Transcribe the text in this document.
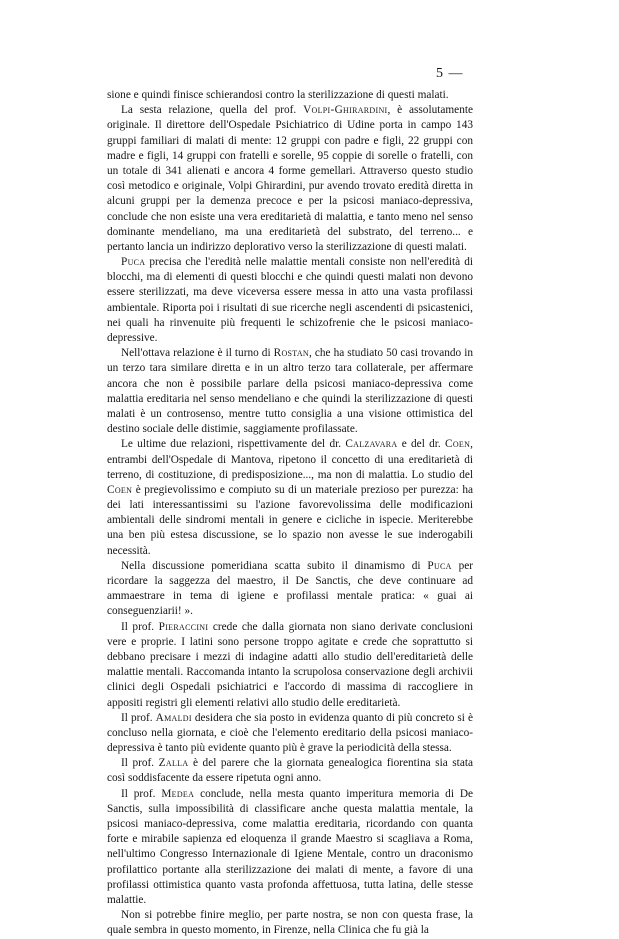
5 —

sione e quindi finisce schierandosi contro la sterilizzazione di questi malati.

La sesta relazione, quella del prof. Volpi-Ghirardini, è assolutamente originale. Il direttore dell'Ospedale Psichiatrico di Udine porta in campo 143 gruppi familiari di malati di mente: 12 gruppi con padre e figli, 22 gruppi con madre e figli, 14 gruppi con fratelli e sorelle, 95 coppie di sorelle o fratelli, con un totale di 341 alienati e ancora 4 forme gemellari. Attraverso questo studio così metodico e originale, Volpi Ghirardini, pur avendo trovato eredità diretta in alcuni gruppi per la demenza precoce e per la psicosi maniaco-depressiva, conclude che non esiste una vera ereditarietà di malattia, e tanto meno nel senso dominante mendeliano, ma una ereditarietà del substrato, del terreno... e pertanto lancia un indirizzo deplorativo verso la sterilizzazione di questi malati.

Puca precisa che l'eredità nelle malattie mentali consiste non nell'eredità di blocchi, ma di elementi di questi blocchi e che quindi questi malati non devono essere sterilizzati, ma deve viceversa essere messa in atto una vasta profilassi ambientale. Riporta poi i risultati di sue ricerche negli ascendenti di psicastenici, nei quali ha rinvenuite più frequenti le schizofrenie che le psicosi maniaco-depressive.

Nell'ottava relazione è il turno di Rostan, che ha studiato 50 casi trovando in un terzo tara similare diretta e in un altro terzo tara collaterale, per affermare ancora che non è possibile parlare della psicosi maniaco-depressiva come malattia ereditaria nel senso mendeliano e che quindi la sterilizzazione di questi malati è un controsenso, mentre tutto consiglia a una visione ottimistica del destino sociale delle distimie, saggiamente profilassate.

Le ultime due relazioni, rispettivamente del dr. Calzavara e del dr. Coen, entrambi dell'Ospedale di Mantova, ripetono il concetto di una ereditarietà di terreno, di costituzione, di predisposizione..., ma non di malattia. Lo studio del Coen è pregievolissimo e compiuto su di un materiale prezioso per purezza: ha dei lati interessantissimi su l'azione favorevolissima delle modificazioni ambientali delle sindromi mentali in genere e cicliche in ispecie. Meriterebbe una ben più estesa discussione, se lo spazio non avesse le sue inderogabili necessità.

Nella discussione pomeridiana scatta subito il dinamismo di Puca per ricordare la saggezza del maestro, il De Sanctis, che deve continuare ad ammaestrare in tema di igiene e profilassi mentale pratica: « guai ai conseguenziarii! ».

Il prof. Pieraccini crede che dalla giornata non siano derivate conclusioni vere e proprie. I latini sono persone troppo agitate e crede che soprattutto si debbano precisare i mezzi di indagine adatti allo studio dell'ereditarietà delle malattie mentali. Raccomanda intanto la scrupolosa conservazione degli archivii clinici degli Ospedali psichiatrici e l'accordo di massima di raccogliere in appositi registri gli elementi relativi allo studio delle ereditarietà.

Il prof. Amaldi desidera che sia posto in evidenza quanto di più concreto si è concluso nella giornata, e cioè che l'elemento ereditario della psicosi maniaco-depressiva è tanto più evidente quanto più è grave la periodicità della stessa.

Il prof. Zalla è del parere che la giornata genealogica fiorentina sia stata così soddisfacente da essere ripetuta ogni anno.

Il prof. Medea conclude, nella mesta quanto imperitura memoria di De Sanctis, sulla impossibilità di classificare anche questa malattia mentale, la psicosi maniaco-depressiva, come malattia ereditaria, ricordando con quanta forte e mirabile sapienza ed eloquenza il grande Maestro si scagliava a Roma, nell'ultimo Congresso Internazionale di Igiene Mentale, contro un draconismo profilattico portante alla sterilizzazione dei malati di mente, a favore di una profilassi ottimistica quanto vasta profonda affettuosa, tutta latina, delle stesse malattie.

Non si potrebbe finire meglio, per parte nostra, se non con questa frase, la quale sembra in questo momento, in Firenze, nella Clinica che fu già la
